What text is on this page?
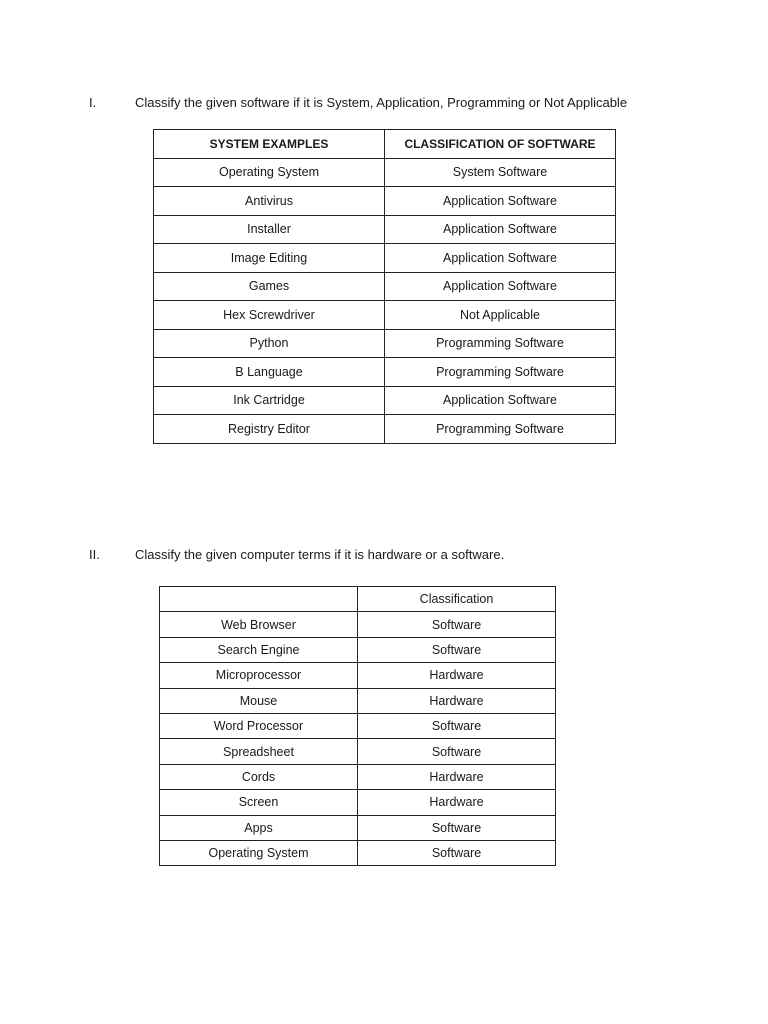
I.	Classify the given software if it is System, Application, Programming or Not Applicable
SYSTEM EXAMPLES	CLASSIFICATION OF SOFTWARE
Operating System	System Software
Antivirus	Application Software
Installer	Application Software
Image Editing	Application Software
Games	Application Software
Hex Screwdriver	Not Applicable
Python	Programming Software
B Language	Programming Software
Ink Cartridge	Application Software
Registry Editor	Programming Software
II.	Classify the given computer terms if it is hardware or a software.
	Classification
Web Browser	Software
Search Engine	Software
Microprocessor	Hardware
Mouse	Hardware
Word Processor	Software
Spreadsheet	Software
Cords	Hardware
Screen	Hardware
Apps	Software
Operating System	Software
